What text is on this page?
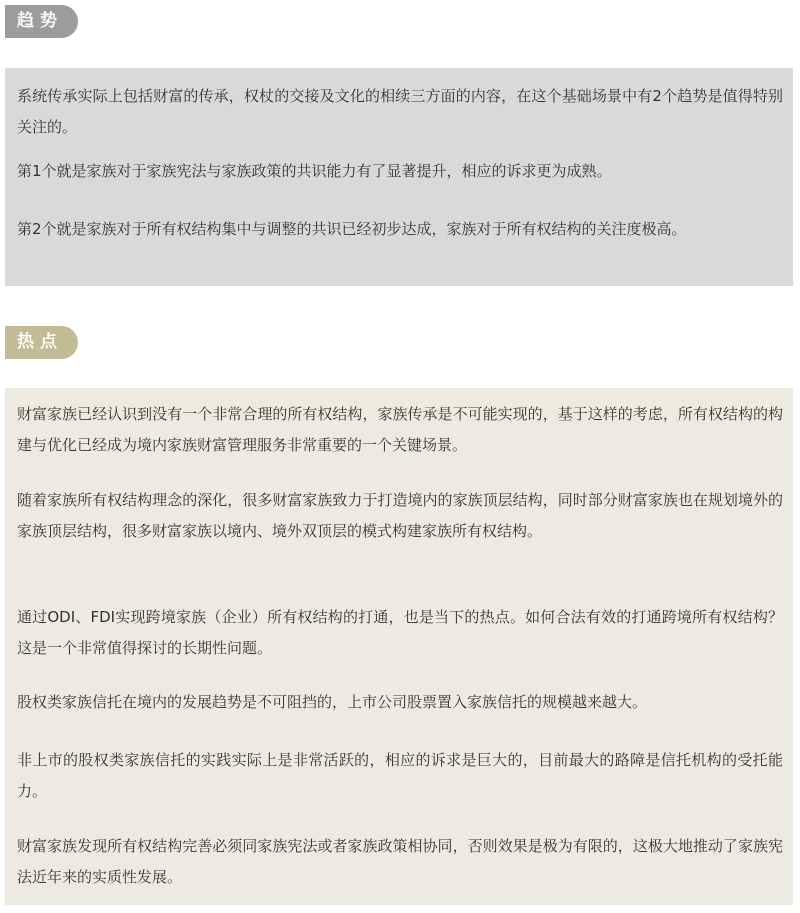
趋势

系统传承实际上包括财富的传承，权杖的交接及文化的相续三方面的内容，在这个基础场景中有2个趋势是值得特别关注的。

第1个就是家族对于家族宪法与家族政策的共识能力有了显著提升，相应的诉求更为成熟。

第2个就是家族对于所有权结构集中与调整的共识已经初步达成，家族对于所有权结构的关注度极高。

热点

财富家族已经认识到没有一个非常合理的所有权结构，家族传承是不可能实现的，基于这样的考虑，所有权结构的构建与优化已经成为境内家族财富管理服务非常重要的一个关键场景。

随着家族所有权结构理念的深化，很多财富家族致力于打造境内的家族顶层结构，同时部分财富家族也在规划境外的家族顶层结构，很多财富家族以境内、境外双顶层的模式构建家族所有权结构。

通过ODI、FDI实现跨境家族（企业）所有权结构的打通，也是当下的热点。如何合法有效的打通跨境所有权结构？这是一个非常值得探讨的长期性问题。

股权类家族信托在境内的发展趋势是不可阻挡的，上市公司股票置入家族信托的规模越来越大。

非上市的股权类家族信托的实践实际上是非常活跃的，相应的诉求是巨大的，目前最大的路障是信托机构的受托能力。

财富家族发现所有权结构完善必须同家族宪法或者家族政策相协同，否则效果是极为有限的，这极大地推动了家族宪法近年来的实质性发展。
